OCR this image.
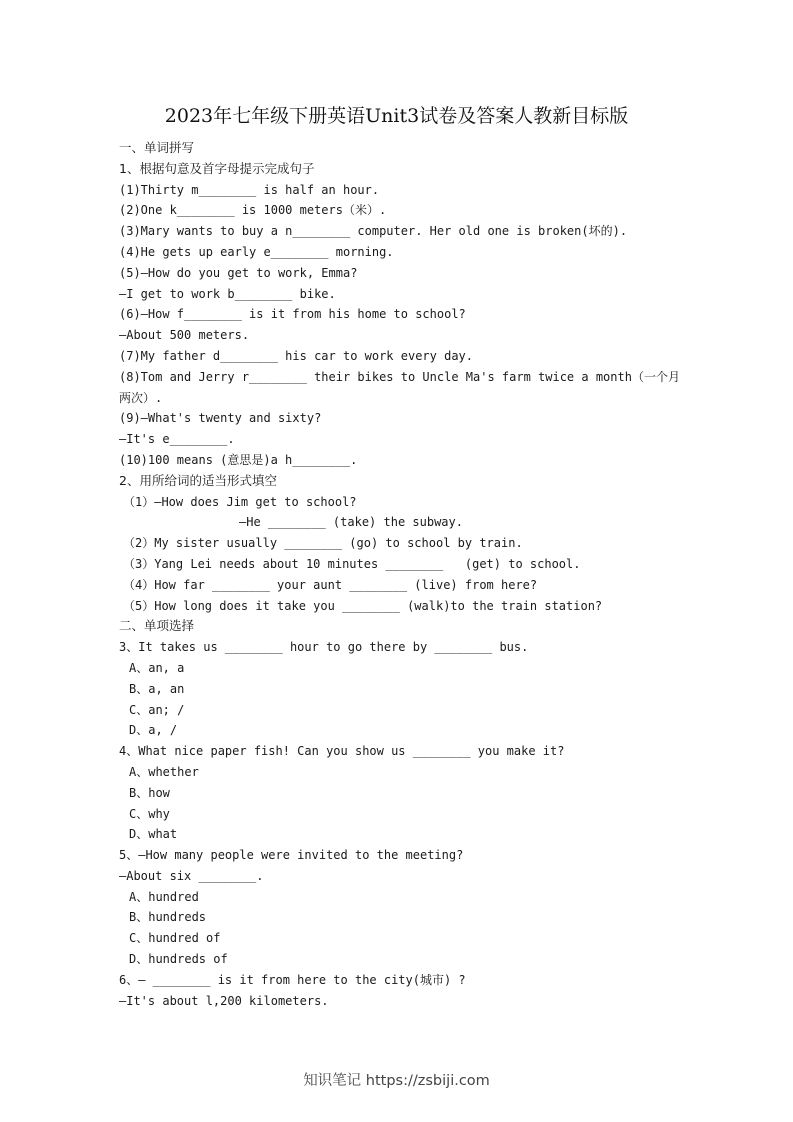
2023年七年级下册英语Unit3试卷及答案人教新目标版
一、单词拼写
1、根据句意及首字母提示完成句子
(1)Thirty m________ is half an hour.
(2)One k________ is 1000 meters（米）.
(3)Mary wants to buy a n________ computer. Her old one is broken(坏的).
(4)He gets up early e________ morning.
(5)—How do you get to work, Emma?
—I get to work b________ bike.
(6)—How f________ is it from his home to school?
—About 500 meters.
(7)My father d________ his car to work every day.
(8)Tom and Jerry r________ their bikes to Uncle Ma's farm twice a month（一个月
两次）.
(9)—What's twenty and sixty?
—It's e________.
(10)100 means (意思是)a h________.
2、用所给词的适当形式填空
（1）—How does Jim get to school?
—He ________ (take) the subway.
（2）My sister usually ________ (go) to school by train.
（3）Yang Lei needs about 10 minutes ________   (get) to school.
（4）How far ________ your aunt ________ (live) from here?
（5）How long does it take you ________ (walk)to the train station?
二、单项选择
3、It takes us ________ hour to go there by ________ bus.
A、an, a
B、a, an
C、an; /
D、a, /
4、What nice paper fish! Can you show us ________ you make it?
A、whether
B、how
C、why
D、what
5、—How many people were invited to the meeting?
—About six ________.
A、hundred
B、hundreds
C、hundred of
D、hundreds of
6、— ________ is it from here to the city(城市) ?
—It's about l,200 kilometers.
知识笔记 https://zsbiji.com
